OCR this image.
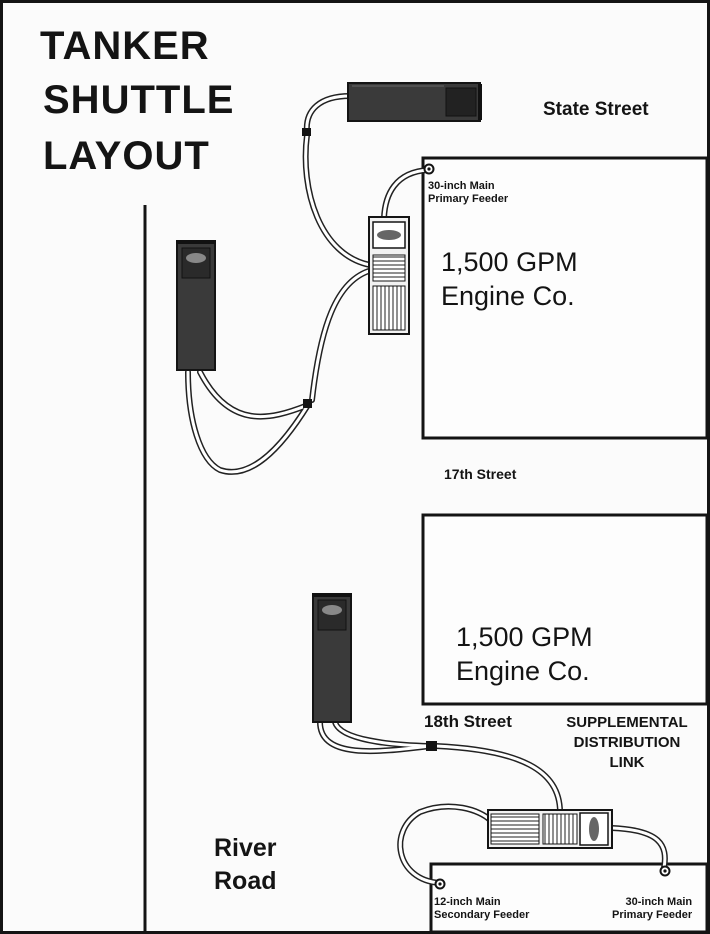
TANKER
SHUTTLE
LAYOUT
State Street
30-inch Main
Primary Feeder
1,500 GPM
Engine Co.
17th Street
1,500 GPM
Engine Co.
18th Street	SUPPLEMENTAL
DISTRIBUTION
LINK
River
Road
12-inch Main
Secondary Feeder
30-inch Main
Primary Feeder
